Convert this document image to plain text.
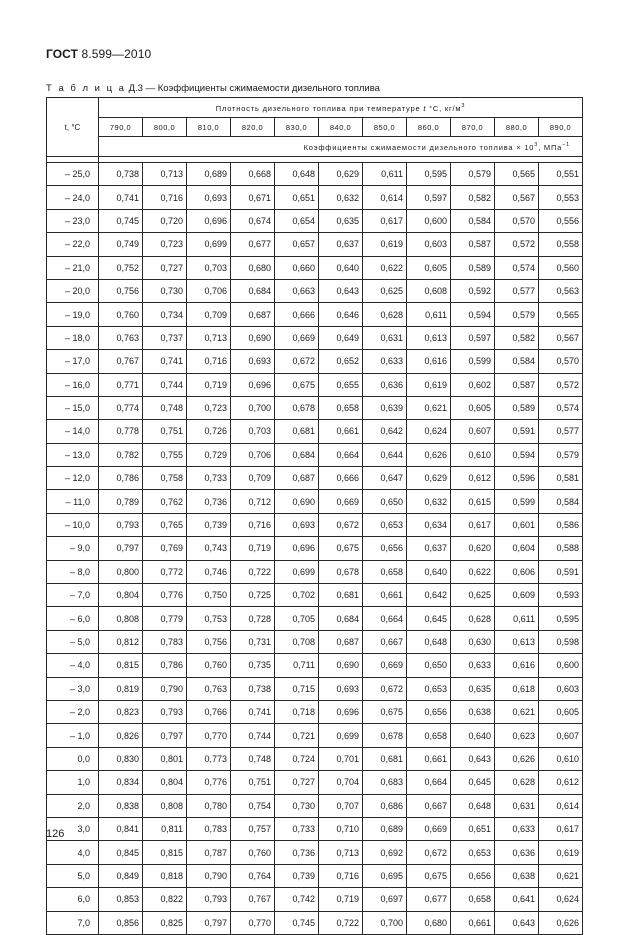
ГОСТ 8.599—2010
Т а б л и ц а Д.3 — Коэффициенты сжимаемости дизельного топлива
t, °C	Плотность дизельного топлива при температуре t °С, $кг/м^3$
	790,0	800,0	810,0	820,0	830,0	840,0	850,0	860,0	870,0	880,0	890,0
	Коэффициенты сжимаемости дизельного топлива × $10^3$, МПа$^{-1}$

– 25,0	0,738	0,713	0,689	0,668	0,648	0,629	0,611	0,595	0,579	0,565	0,551
– 24,0	0,741	0,716	0,693	0,671	0,651	0,632	0,614	0,597	0,582	0,567	0,553
– 23,0	0,745	0,720	0,696	0,674	0,654	0,635	0,617	0,600	0,584	0,570	0,556
– 22,0	0,749	0,723	0,699	0,677	0,657	0,637	0,619	0,603	0,587	0,572	0,558
– 21,0	0,752	0,727	0,703	0,680	0,660	0,640	0,622	0,605	0,589	0,574	0,560
– 20,0	0,756	0,730	0,706	0,684	0,663	0,643	0,625	0,608	0,592	0,577	0,563
– 19,0	0,760	0,734	0,709	0,687	0,666	0,646	0,628	0,611	0,594	0,579	0,565
– 18,0	0,763	0,737	0,713	0,690	0,669	0,649	0,631	0,613	0,597	0,582	0,567
– 17,0	0,767	0,741	0,716	0,693	0,672	0,652	0,633	0,616	0,599	0,584	0,570
– 16,0	0,771	0,744	0,719	0,696	0,675	0,655	0,636	0,619	0,602	0,587	0,572
– 15,0	0,774	0,748	0,723	0,700	0,678	0,658	0,639	0,621	0,605	0,589	0,574
– 14,0	0,778	0,751	0,726	0,703	0,681	0,661	0,642	0,624	0,607	0,591	0,577
– 13,0	0,782	0,755	0,729	0,706	0,684	0,664	0,644	0,626	0,610	0,594	0,579
– 12,0	0,786	0,758	0,733	0,709	0,687	0,666	0,647	0,629	0,612	0,596	0,581
– 11,0	0,789	0,762	0,736	0,712	0,690	0,669	0,650	0,632	0,615	0,599	0,584
– 10,0	0,793	0,765	0,739	0,716	0,693	0,672	0,653	0,634	0,617	0,601	0,586
– 9,0	0,797	0,769	0,743	0,719	0,696	0,675	0,656	0,637	0,620	0,604	0,588
– 8,0	0,800	0,772	0,746	0,722	0,699	0,678	0,658	0,640	0,622	0,606	0,591
– 7,0	0,804	0,776	0,750	0,725	0,702	0,681	0,661	0,642	0,625	0,609	0,593
– 6,0	0,808	0,779	0,753	0,728	0,705	0,684	0,664	0,645	0,628	0,611	0,595
– 5,0	0,812	0,783	0,756	0,731	0,708	0,687	0,667	0,648	0,630	0,613	0,598
– 4,0	0,815	0,786	0,760	0,735	0,711	0,690	0,669	0,650	0,633	0,616	0,600
– 3,0	0,819	0,790	0,763	0,738	0,715	0,693	0,672	0,653	0,635	0,618	0,603
– 2,0	0,823	0,793	0,766	0,741	0,718	0,696	0,675	0,656	0,638	0,621	0,605
– 1,0	0,826	0,797	0,770	0,744	0,721	0,699	0,678	0,658	0,640	0,623	0,607
0,0	0,830	0,801	0,773	0,748	0,724	0,701	0,681	0,661	0,643	0,626	0,610
1,0	0,834	0,804	0,776	0,751	0,727	0,704	0,683	0,664	0,645	0,628	0,612
2,0	0,838	0,808	0,780	0,754	0,730	0,707	0,686	0,667	0,648	0,631	0,614
3,0	0,841	0,811	0,783	0,757	0,733	0,710	0,689	0,669	0,651	0,633	0,617
4,0	0,845	0,815	0,787	0,760	0,736	0,713	0,692	0,672	0,653	0,636	0,619
5,0	0,849	0,818	0,790	0,764	0,739	0,716	0,695	0,675	0,656	0,638	0,621
6,0	0,853	0,822	0,793	0,767	0,742	0,719	0,697	0,677	0,658	0,641	0,624
7,0	0,856	0,825	0,797	0,770	0,745	0,722	0,700	0,680	0,661	0,643	0,626
126
